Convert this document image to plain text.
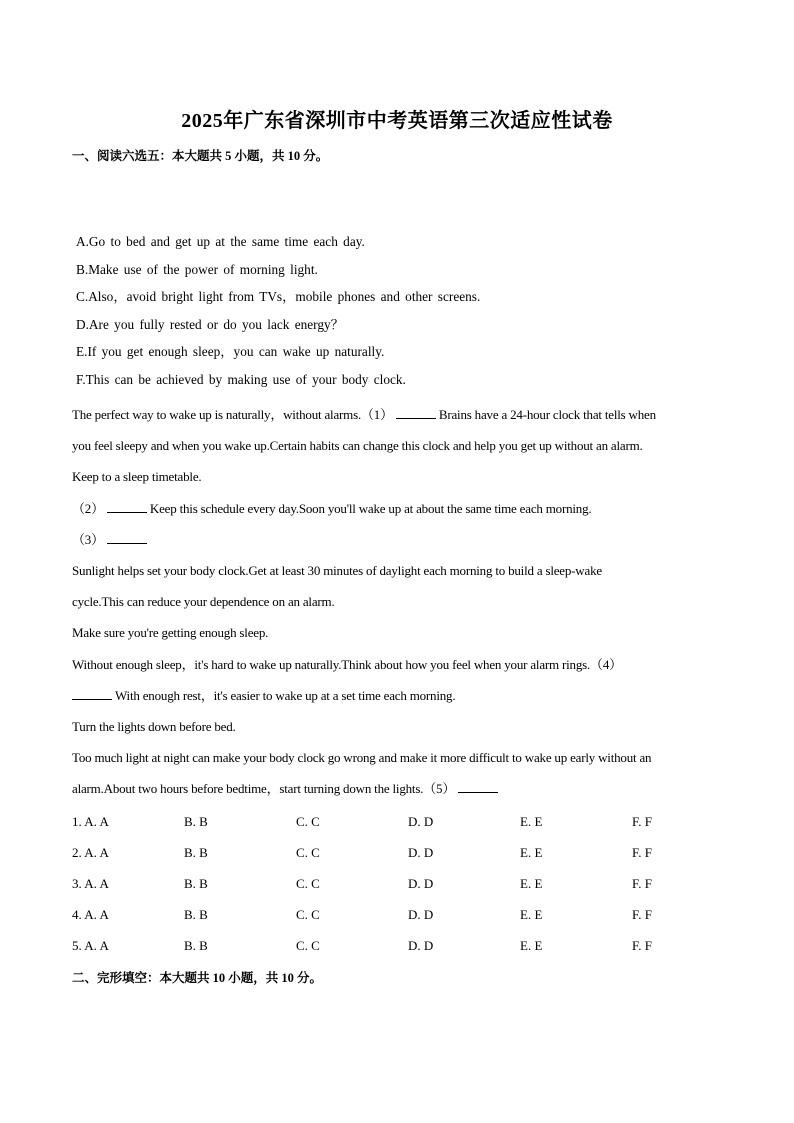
2025年广东省深圳市中考英语第三次适应性试卷
一、阅读六选五：本大题共 5 小题，共 10 分。
A.Go to bed and get up at the same time each day.
B.Make use of the power of morning light.
C.Also，avoid bright light from TVs，mobile phones and other screens.
D.Are you fully rested or do you lack energy？
E.If you get enough sleep，you can wake up naturally.
F.This can be achieved by making use of your body clock.
The perfect way to wake up is naturally，without alarms.（1）	Brains have a 24-hour clock that tells when
you feel sleepy and when you wake up.Certain habits can change this clock and help you get up without an alarm.
Keep to a sleep timetable.
（2）	Keep this schedule every day.Soon you'll wake up at about the same time each morning.
（3）
Sunlight helps set your body clock.Get at least 30 minutes of daylight each morning to build a sleep-wake
cycle.This can reduce your dependence on an alarm.
Make sure you're getting enough sleep.
Without enough sleep，it's hard to wake up naturally.Think about how you feel when your alarm rings.（4）
With enough rest，it's easier to wake up at a set time each morning.
Turn the lights down before bed.
Too much light at night can make your body clock go wrong and make it more difficult to wake up early without an
alarm.About two hours before bedtime，start turning down the lights.（5）
1. A. A	B. B	C. C	D. D	E. E	F. F
2. A. A	B. B	C. C	D. D	E. E	F. F
3. A. A	B. B	C. C	D. D	E. E	F. F
4. A. A	B. B	C. C	D. D	E. E	F. F
5. A. A	B. B	C. C	D. D	E. E	F. F
二、完形填空：本大题共 10 小题，共 10 分。
